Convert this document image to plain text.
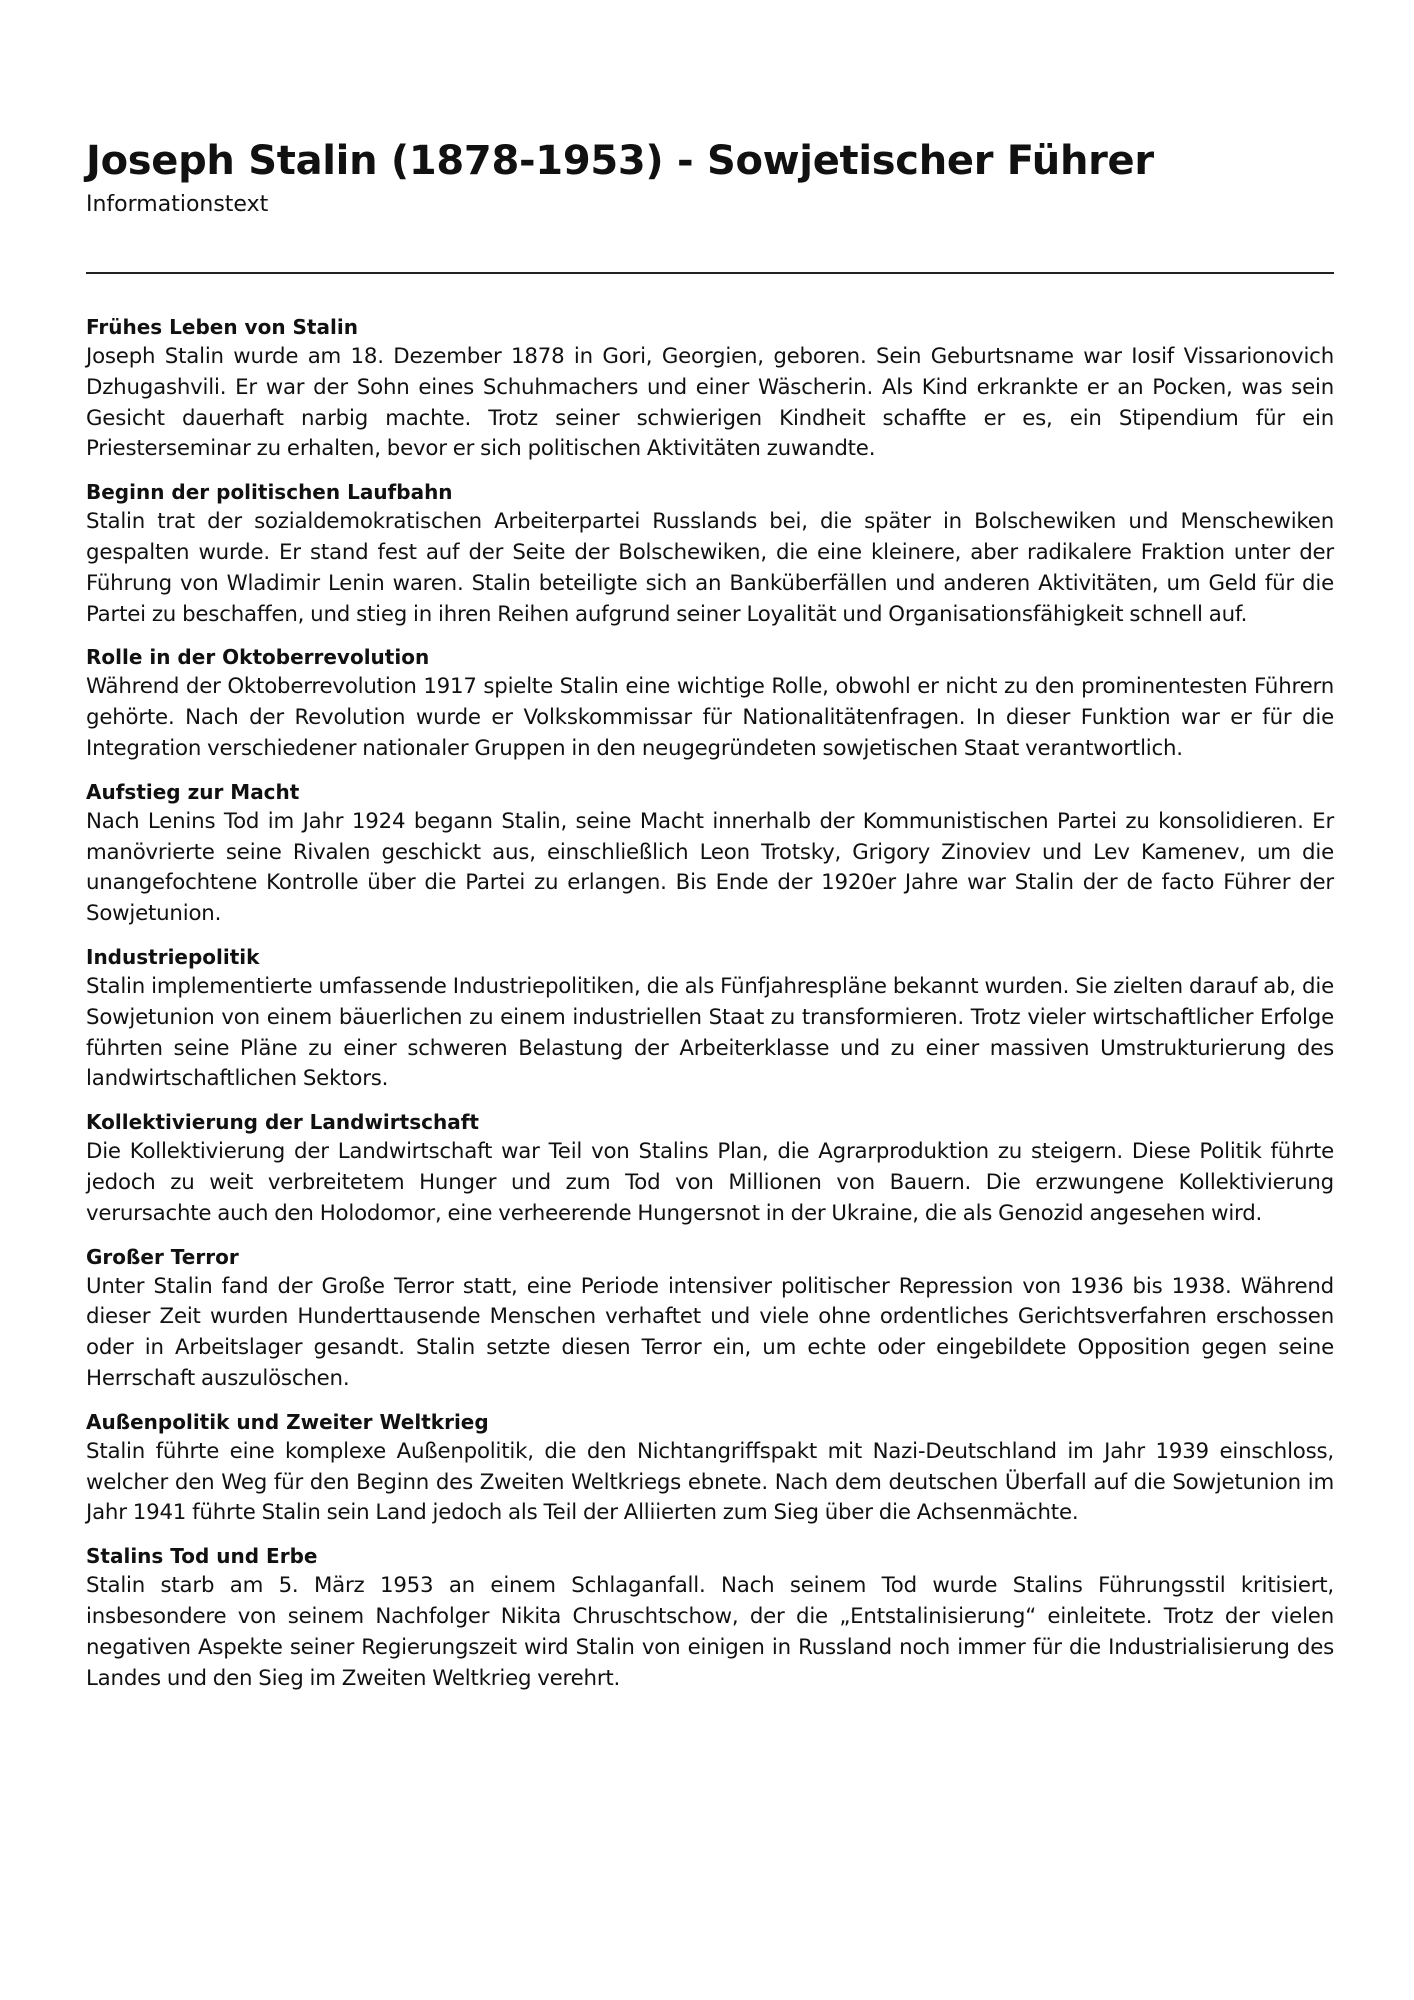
Joseph Stalin (1878-1953) - Sowjetischer Führer
Informationstext
Frühes Leben von Stalin

Joseph Stalin wurde am 18. Dezember 1878 in Gori, Georgien, geboren. Sein Geburtsname war Iosif Vissarionovich Dzhugashvili. Er war der Sohn eines Schuhmachers und einer Wäscherin. Als Kind erkrankte er an Pocken, was sein Gesicht dauerhaft narbig machte. Trotz seiner schwierigen Kindheit schaffte er es, ein Stipendium für ein Priesterseminar zu erhalten, bevor er sich politischen Aktivitäten zuwandte.

Beginn der politischen Laufbahn

Stalin trat der sozialdemokratischen Arbeiterpartei Russlands bei, die später in Bolschewiken und Menschewiken gespalten wurde. Er stand fest auf der Seite der Bolschewiken, die eine kleinere, aber radikalere Fraktion unter der Führung von Wladimir Lenin waren. Stalin beteiligte sich an Banküberfällen und anderen Aktivitäten, um Geld für die Partei zu beschaffen, und stieg in ihren Reihen aufgrund seiner Loyalität und Organisationsfähigkeit schnell auf.

Rolle in der Oktoberrevolution

Während der Oktoberrevolution 1917 spielte Stalin eine wichtige Rolle, obwohl er nicht zu den prominentesten Führern gehörte. Nach der Revolution wurde er Volkskommissar für Nationalitätenfragen. In dieser Funktion war er für die Integration verschiedener nationaler Gruppen in den neugegründeten sowjetischen Staat verantwortlich.

Aufstieg zur Macht

Nach Lenins Tod im Jahr 1924 begann Stalin, seine Macht innerhalb der Kommunistischen Partei zu konsolidieren. Er manövrierte seine Rivalen geschickt aus, einschließlich Leon Trotsky, Grigory Zinoviev und Lev Kamenev, um die unangefochtene Kontrolle über die Partei zu erlangen. Bis Ende der 1920er Jahre war Stalin der de facto Führer der Sowjetunion.

Industriepolitik

Stalin implementierte umfassende Industriepolitiken, die als Fünfjahrespläne bekannt wurden. Sie zielten darauf ab, die Sowjetunion von einem bäuerlichen zu einem industriellen Staat zu transformieren. Trotz vieler wirtschaftlicher Erfolge führten seine Pläne zu einer schweren Belastung der Arbeiterklasse und zu einer massiven Umstrukturierung des landwirtschaftlichen Sektors.

Kollektivierung der Landwirtschaft

Die Kollektivierung der Landwirtschaft war Teil von Stalins Plan, die Agrarproduktion zu steigern. Diese Politik führte jedoch zu weit verbreitetem Hunger und zum Tod von Millionen von Bauern. Die erzwungene Kollektivierung verursachte auch den Holodomor, eine verheerende Hungersnot in der Ukraine, die als Genozid angesehen wird.

Großer Terror

Unter Stalin fand der Große Terror statt, eine Periode intensiver politischer Repression von 1936 bis 1938. Während dieser Zeit wurden Hunderttausende Menschen verhaftet und viele ohne ordentliches Gerichtsverfahren erschossen oder in Arbeitslager gesandt. Stalin setzte diesen Terror ein, um echte oder eingebildete Opposition gegen seine Herrschaft auszulöschen.

Außenpolitik und Zweiter Weltkrieg

Stalin führte eine komplexe Außenpolitik, die den Nichtangriffspakt mit Nazi-Deutschland im Jahr 1939 einschloss, welcher den Weg für den Beginn des Zweiten Weltkriegs ebnete. Nach dem deutschen Überfall auf die Sowjetunion im Jahr 1941 führte Stalin sein Land jedoch als Teil der Alliierten zum Sieg über die Achsenmächte.

Stalins Tod und Erbe

Stalin starb am 5. März 1953 an einem Schlaganfall. Nach seinem Tod wurde Stalins Führungsstil kritisiert, insbesondere von seinem Nachfolger Nikita Chruschtschow, der die „Entstalinisierung“ einleitete. Trotz der vielen negativen Aspekte seiner Regierungszeit wird Stalin von einigen in Russland noch immer für die Industrialisierung des Landes und den Sieg im Zweiten Weltkrieg verehrt.
